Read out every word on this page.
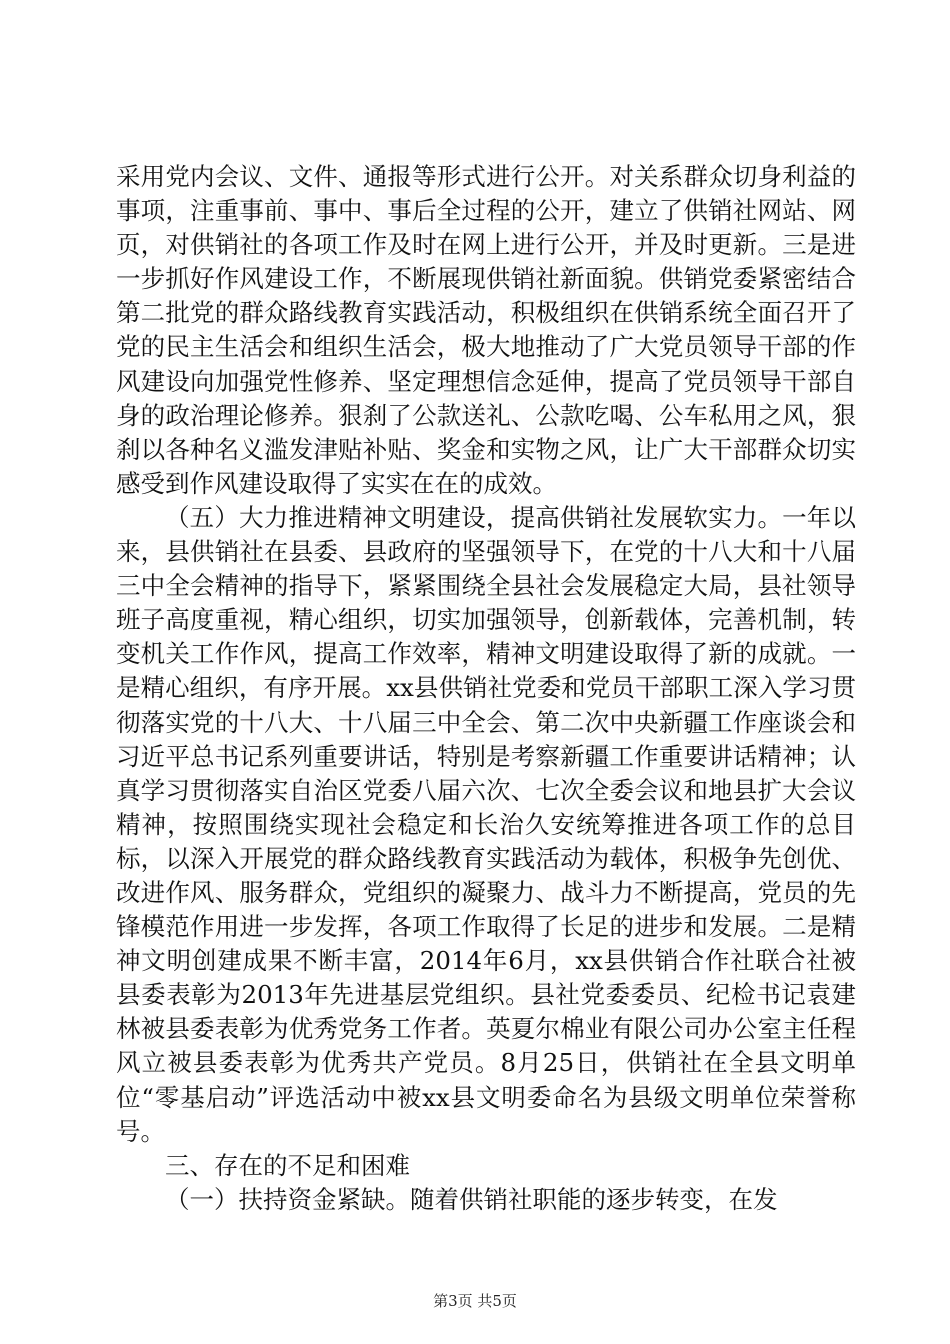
采用党内会议、文件、通报等形式进行公开。对关系群众切身利益的事项，注重事前、事中、事后全过程的公开，建立了供销社网站、网页，对供销社的各项工作及时在网上进行公开，并及时更新。三是进一步抓好作风建设工作，不断展现供销社新面貌。供销党委紧密结合第二批党的群众路线教育实践活动，积极组织在供销系统全面召开了党的民主生活会和组织生活会，极大地推动了广大党员领导干部的作风建设向加强党性修养、坚定理想信念延伸，提高了党员领导干部自身的政治理论修养。狠刹了公款送礼、公款吃喝、公车私用之风，狠刹以各种名义滥发津贴补贴、奖金和实物之风，让广大干部群众切实感受到作风建设取得了实实在在的成效。

（五）大力推进精神文明建设，提高供销社发展软实力。一年以来，县供销社在县委、县政府的坚强领导下，在党的十八大和十八届三中全会精神的指导下，紧紧围绕全县社会发展稳定大局，县社领导班子高度重视，精心组织，切实加强领导，创新载体，完善机制，转变机关工作作风，提高工作效率，精神文明建设取得了新的成就。一是精心组织，有序开展。xx县供销社党委和党员干部职工深入学习贯彻落实党的十八大、十八届三中全会、第二次中央新疆工作座谈会和习近平总书记系列重要讲话，特别是考察新疆工作重要讲话精神；认真学习贯彻落实自治区党委八届六次、七次全委会议和地县扩大会议精神，按照围绕实现社会稳定和长治久安统筹推进各项工作的总目标，以深入开展党的群众路线教育实践活动为载体，积极争先创优、改进作风、服务群众，党组织的凝聚力、战斗力不断提高，党员的先锋模范作用进一步发挥，各项工作取得了长足的进步和发展。二是精神文明创建成果不断丰富，2014年6月，xx县供销合作社联合社被县委表彰为2013年先进基层党组织。县社党委委员、纪检书记袁建林被县委表彰为优秀党务工作者。英夏尔棉业有限公司办公室主任程风立被县委表彰为优秀共产党员。8月25日，供销社在全县文明单位“零基启动”评选活动中被xx县文明委命名为县级文明单位荣誉称号。

三、存在的不足和困难

（一）扶持资金紧缺。随着供销社职能的逐步转变，在发

第3页 共5页
